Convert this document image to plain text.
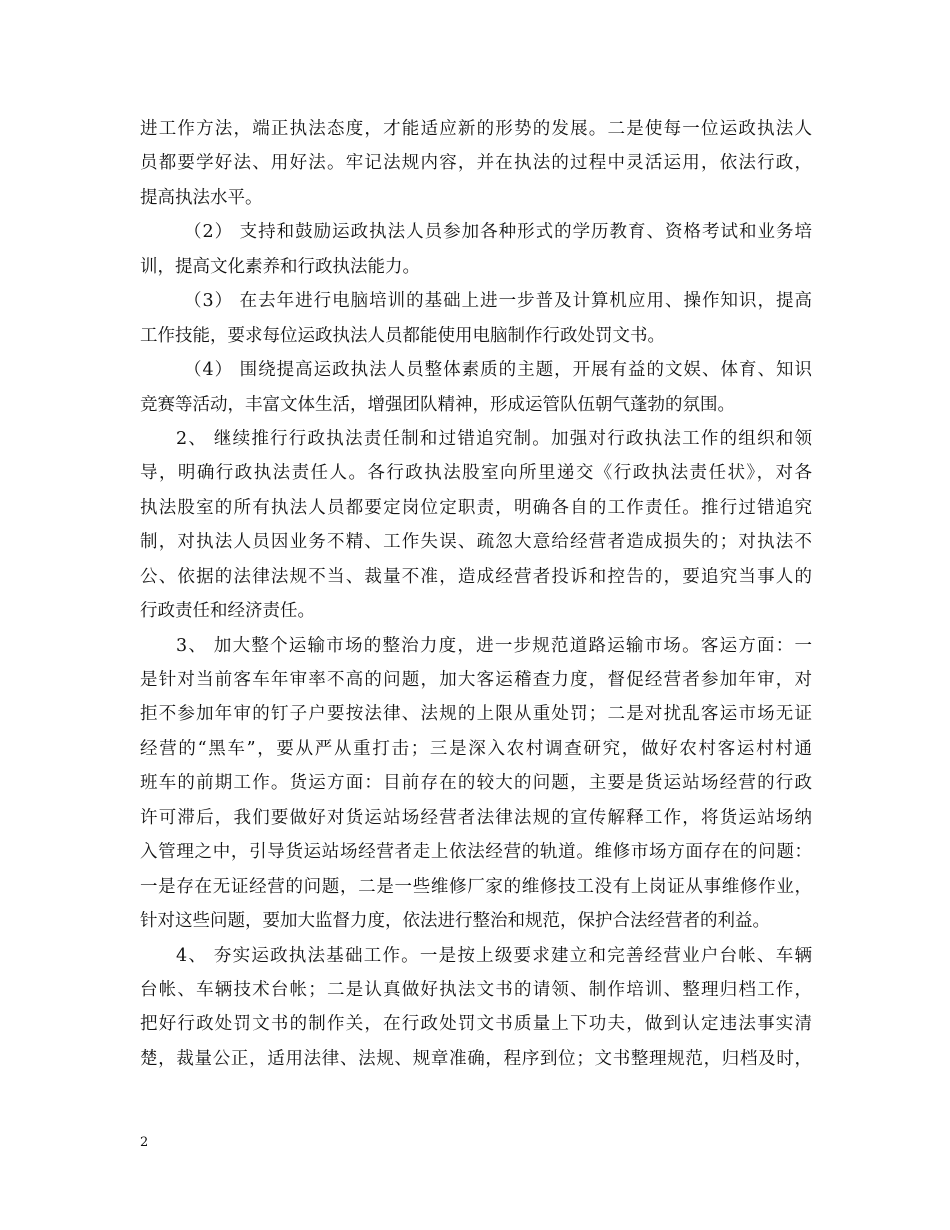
进工作方法，端正执法态度，才能适应新的形势的发展。二是使每一位运政执法人
员都要学好法、用好法。牢记法规内容，并在执法的过程中灵活运用，依法行政，
提高执法水平。
（2） 支持和鼓励运政执法人员参加各种形式的学历教育、资格考试和业务培
训，提高文化素养和行政执法能力。
（3） 在去年进行电脑培训的基础上进一步普及计算机应用、操作知识，提高
工作技能，要求每位运政执法人员都能使用电脑制作行政处罚文书。
（4） 围绕提高运政执法人员整体素质的主题，开展有益的文娱、体育、知识
竞赛等活动，丰富文体生活，增强团队精神，形成运管队伍朝气蓬勃的氛围。
2、 继续推行行政执法责任制和过错追究制。加强对行政执法工作的组织和领
导，明确行政执法责任人。各行政执法股室向所里递交《行政执法责任状》，对各
执法股室的所有执法人员都要定岗位定职责，明确各自的工作责任。推行过错追究
制，对执法人员因业务不精、工作失误、疏忽大意给经营者造成损失的；对执法不
公、依据的法律法规不当、裁量不准，造成经营者投诉和控告的，要追究当事人的
行政责任和经济责任。
3、 加大整个运输市场的整治力度，进一步规范道路运输市场。客运方面：一
是针对当前客车年审率不高的问题，加大客运稽查力度，督促经营者参加年审，对
拒不参加年审的钉子户要按法律、法规的上限从重处罚；二是对扰乱客运市场无证
经营的“黑车”，要从严从重打击；三是深入农村调查研究，做好农村客运村村通
班车的前期工作。货运方面：目前存在的较大的问题，主要是货运站场经营的行政
许可滞后，我们要做好对货运站场经营者法律法规的宣传解释工作，将货运站场纳
入管理之中，引导货运站场经营者走上依法经营的轨道。维修市场方面存在的问题：
一是存在无证经营的问题，二是一些维修厂家的维修技工没有上岗证从事维修作业，
针对这些问题，要加大监督力度，依法进行整治和规范，保护合法经营者的利益。
4、 夯实运政执法基础工作。一是按上级要求建立和完善经营业户台帐、车辆
台帐、车辆技术台帐；二是认真做好执法文书的请领、制作培训、整理归档工作，
把好行政处罚文书的制作关，在行政处罚文书质量上下功夫，做到认定违法事实清
楚，裁量公正，适用法律、法规、规章准确，程序到位；文书整理规范，归档及时，
2
